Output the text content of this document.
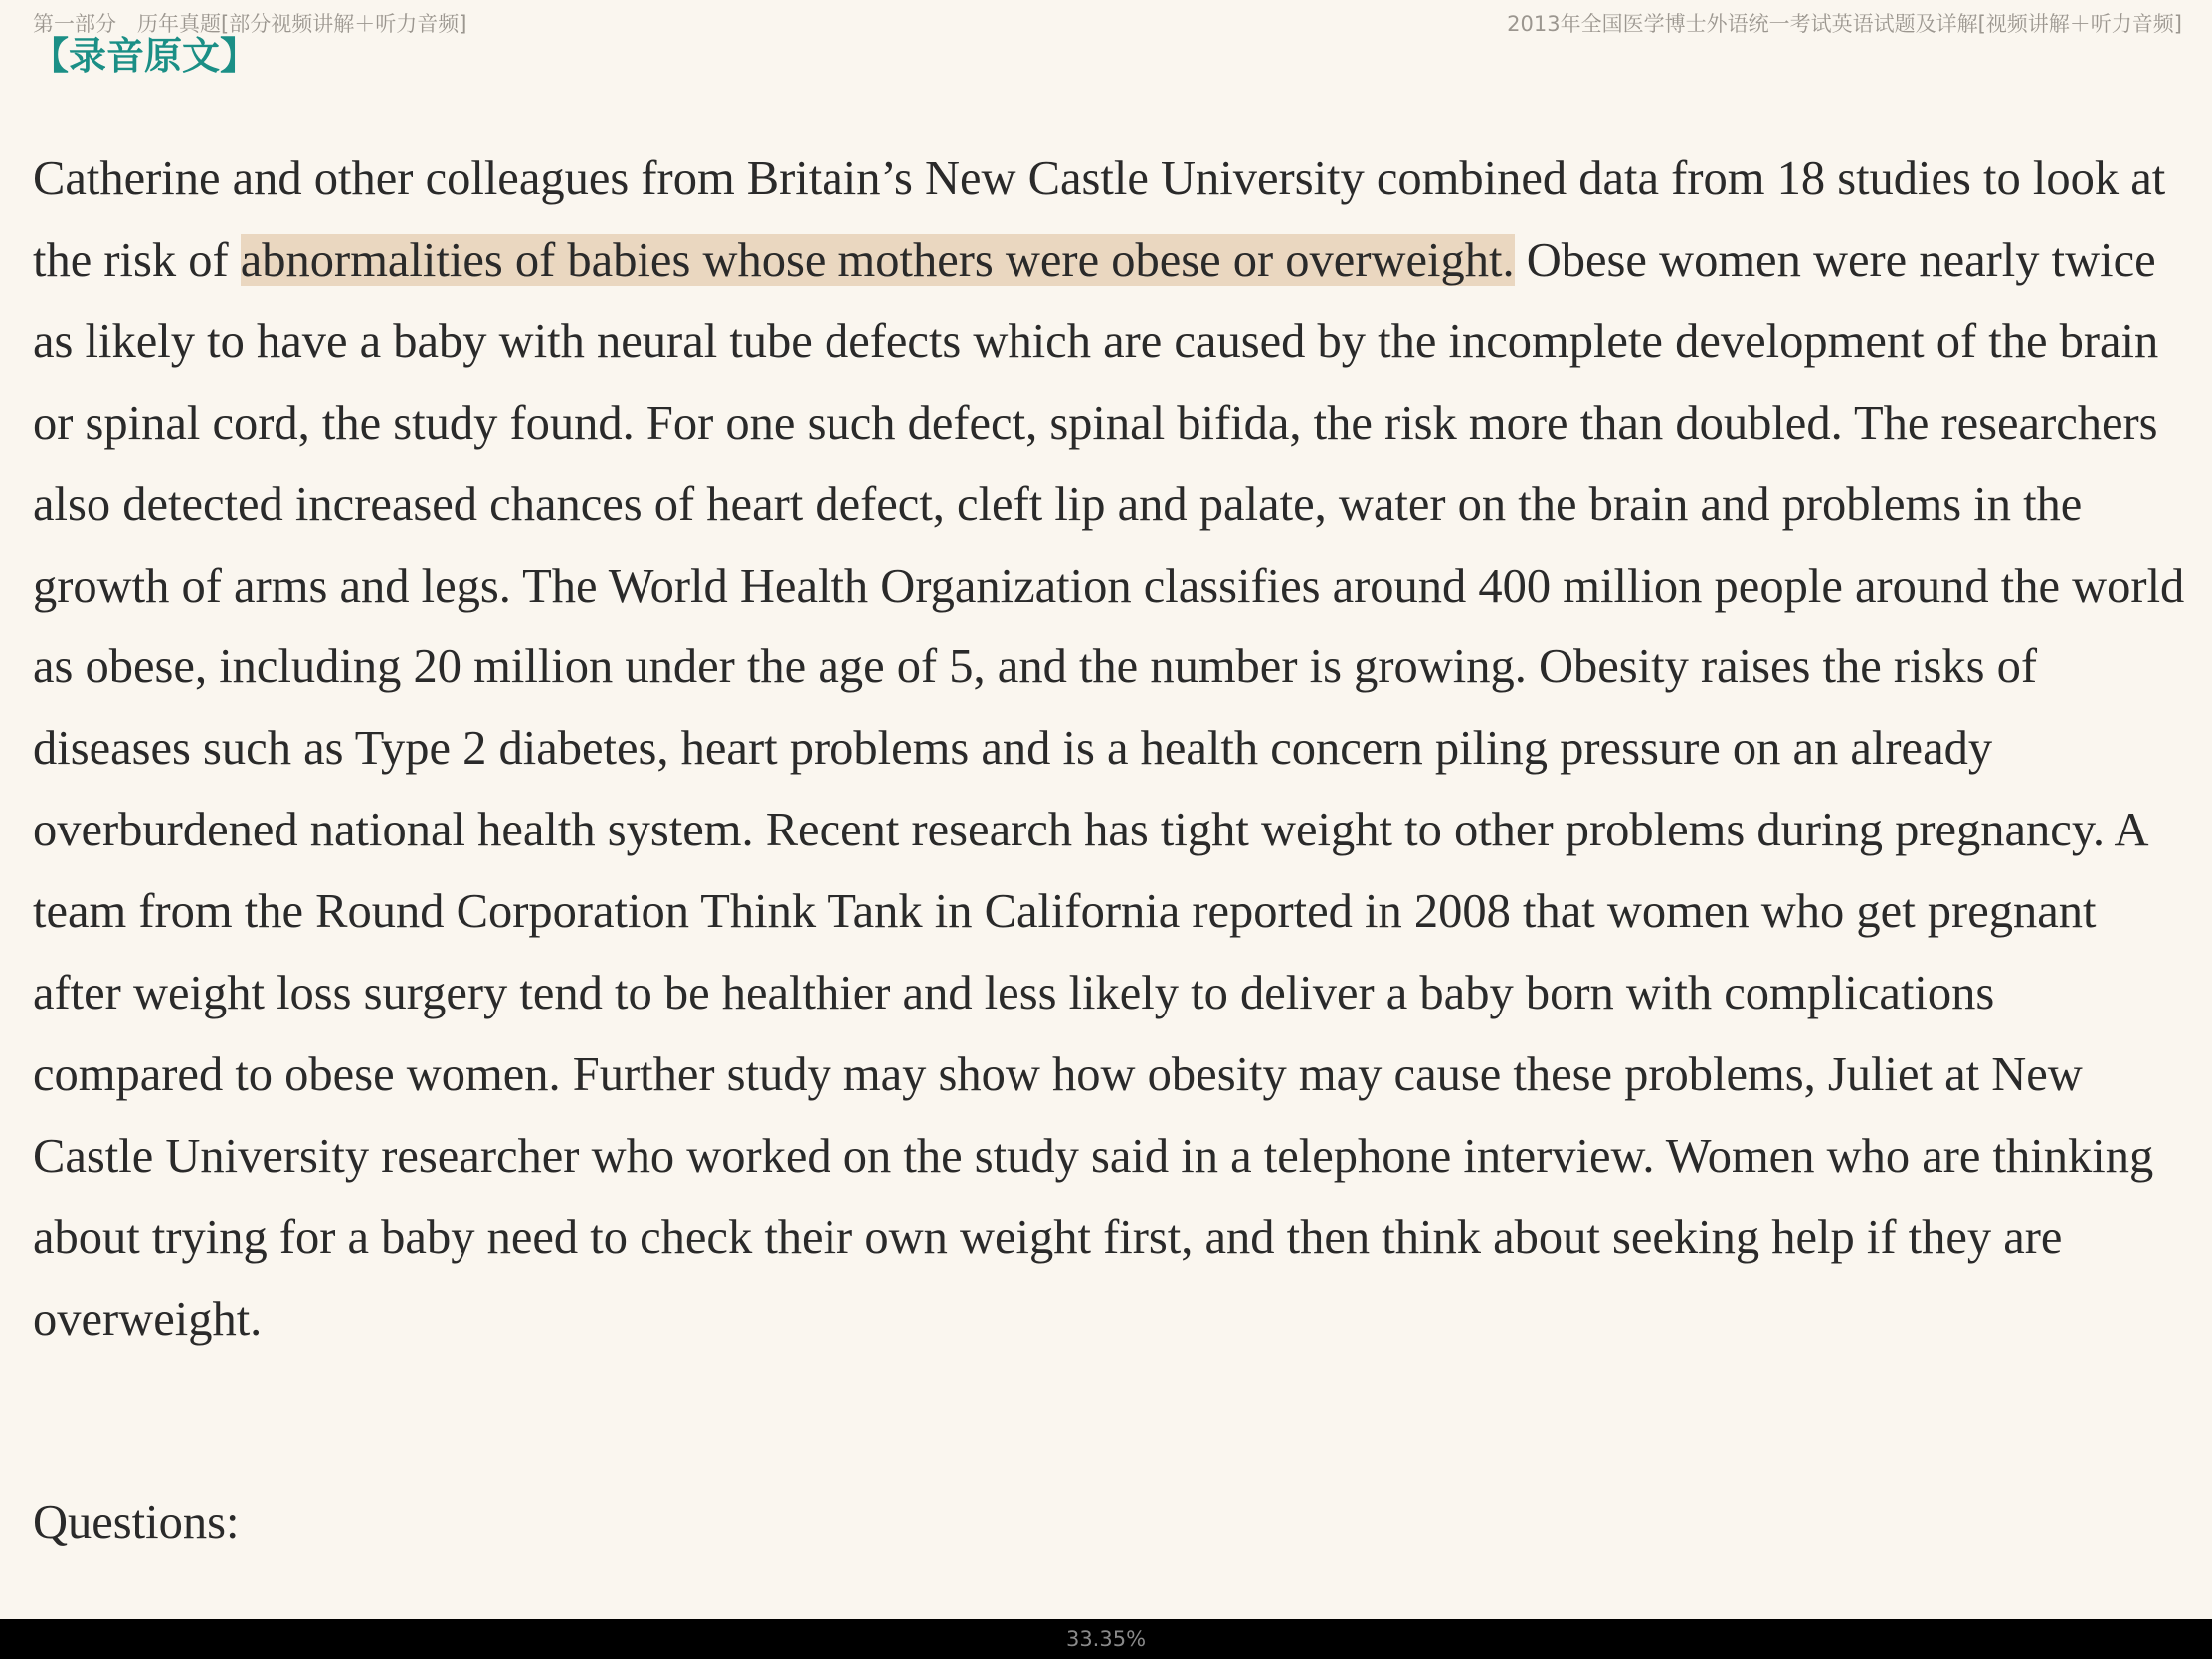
第一部分　历年真题[部分视频讲解＋听力音频]	2013年全国医学博士外语统一考试英语试题及详解[视频讲解＋听力音频]
【录音原文】

Catherine and other colleagues from Britain’s New Castle University combined data from 18 studies to look at the risk of abnormalities of babies whose mothers were obese or overweight. Obese women were nearly twice as likely to have a baby with neural tube defects which are caused by the incomplete development of the brain or spinal cord, the study found. For one such defect, spinal bifida, the risk more than doubled. The researchers also detected increased chances of heart defect, cleft lip and palate, water on the brain and problems in the growth of arms and legs. The World Health Organization classifies around 400 million people around the world as obese, including 20 million under the age of 5, and the number is growing. Obesity raises the risks of diseases such as Type 2 diabetes, heart problems and is a health concern piling pressure on an already overburdened national health system. Recent research has tight weight to other problems during pregnancy. A team from the Round Corporation Think Tank in California reported in 2008 that women who get pregnant after weight loss surgery tend to be healthier and less likely to deliver a baby born with complications compared to obese women. Further study may show how obesity may cause these problems, Juliet at New Castle University researcher who worked on the study said in a telephone interview. Women who are thinking about trying for a baby need to check their own weight first, and then think about seeking help if they are overweight.

Questions:
33.35%
